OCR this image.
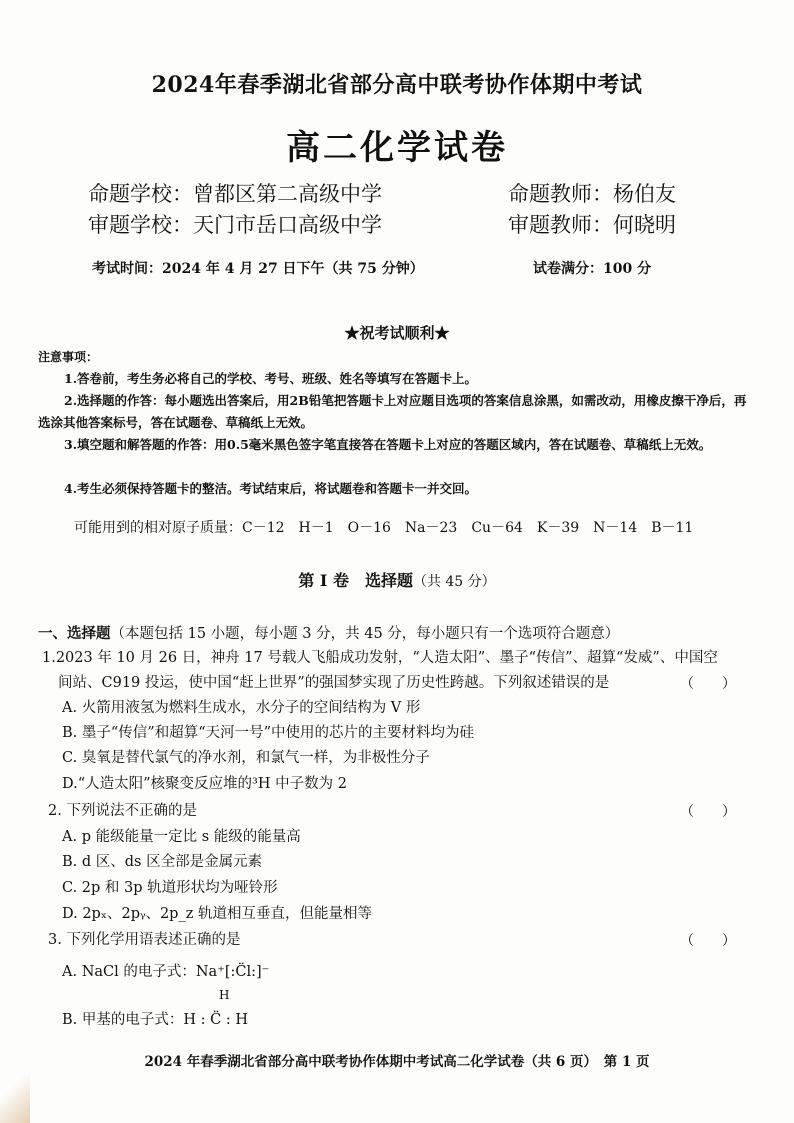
2024年春季湖北省部分高中联考协作体期中考试
高二化学试卷
命题学校：曾都区第二高级中学	命题教师：杨伯友
审题学校：天门市岳口高级中学	审题教师：何晓明
考试时间：2024 年 4 月 27 日下午（共 75 分钟）	试卷满分：100 分
★祝考试顺利★
注意事项：
1.答卷前，考生务必将自己的学校、考号、班级、姓名等填写在答题卡上。
2.选择题的作答：每小题选出答案后，用2B铅笔把答题卡上对应题目选项的答案信息涂黑，如需改动，用橡皮擦干净后，再选涂其他答案标号，答在试题卷、草稿纸上无效。
3.填空题和解答题的作答：用0.5毫米黑色签字笔直接答在答题卡上对应的答题区域内，答在试题卷、草稿纸上无效。
4.考生必须保持答题卡的整洁。考试结束后，将试题卷和答题卡一并交回。
可能用到的相对原子质量：C－12　H－1　O－16　Na－23　Cu－64　K－39　N－14　B－11
第 Ⅰ 卷　选择题（共 45 分）
一、选择题（本题包括 15 小题，每小题 3 分，共 45 分，每小题只有一个选项符合题意）
1.2023 年 10 月 26 日，神舟 17 号载人飞船成功发射，“人造太阳”、墨子“传信”、超算“发威”、中国空
间站、C919 投运，使中国“赶上世界”的强国梦实现了历史性跨越。下列叙述错误的是	（　　）
A. 火箭用液氢为燃料生成水，水分子的空间结构为 V 形
B. 墨子“传信”和超算“天河一号”中使用的芯片的主要材料均为硅
C. 臭氧是替代氯气的净水剂，和氯气一样，为非极性分子
D.“人造太阳”核聚变反应堆的³H 中子数为 2
2. 下列说法不正确的是	（　　）
A. p 能级能量一定比 s 能级的能量高
B. d 区、ds 区全部是金属元素
C. 2p 和 3p 轨道形状均为哑铃形
D. 2pₓ、2pᵧ、2p_z 轨道相互垂直，但能量相等
3. 下列化学用语表述正确的是	（　　）
A. NaCl 的电子式：Na⁺[:C̈l:]⁻
H
B. 甲基的电子式：H : C̈ : H
2024 年春季湖北省部分高中联考协作体期中考试高二化学试卷（共 6 页）　第 1 页
